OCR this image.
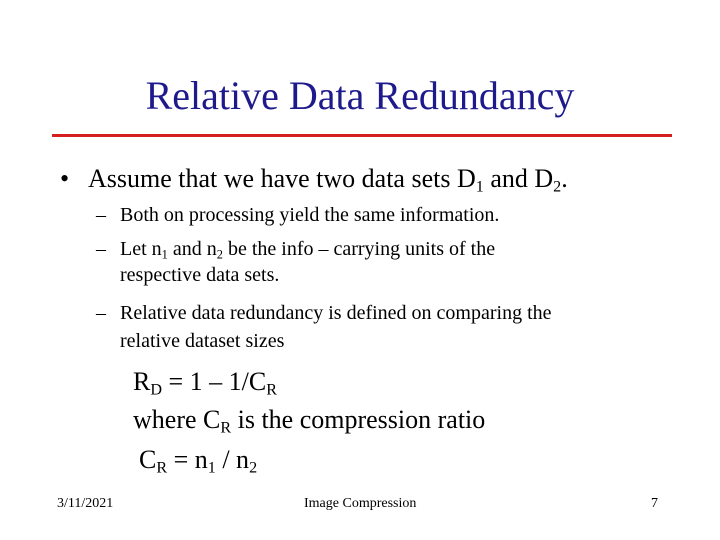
Relative Data Redundancy
• Assume that we have two data sets $D_1$ and $D_2$.
– Both on processing yield the same information.
– Let $n_1$ and $n_2$ be the info – carrying units of the
respective data sets.
– Relative data redundancy is defined on comparing the
relative dataset sizes
$R_D = 1 - 1/C_R$
where $C_R$ is the compression ratio
$C_R = n_1 / n_2$
3/11/2021	Image Compression	7
